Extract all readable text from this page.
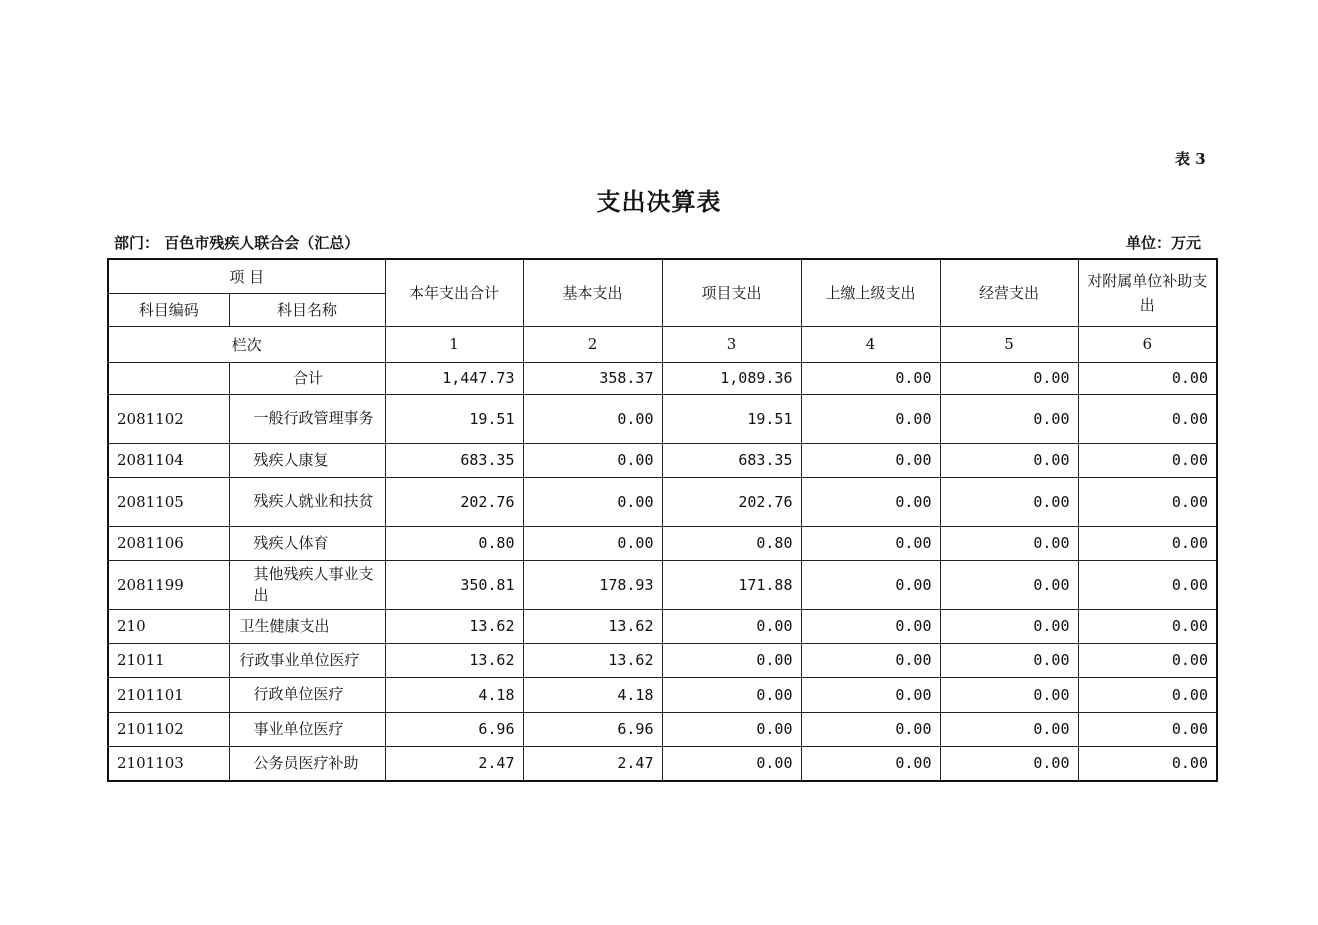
表 3
支出决算表
部门： 百色市残疾人联合会（汇总）	单位：万元
项 目		本年支出合计	基本支出	项目支出	上缴上级支出	经营支出	对附属单位补助支出
科目编码	科目名称						
栏次		1	2	3	4	5	6
	合计	1,447.73	358.37	1,089.36	0.00	0.00	0.00
2081102	一般行政管理事务	19.51	0.00	19.51	0.00	0.00	0.00
2081104	残疾人康复	683.35	0.00	683.35	0.00	0.00	0.00
2081105	残疾人就业和扶贫	202.76	0.00	202.76	0.00	0.00	0.00
2081106	残疾人体育	0.80	0.00	0.80	0.00	0.00	0.00
2081199	其他残疾人事业支出	350.81	178.93	171.88	0.00	0.00	0.00
210	卫生健康支出	13.62	13.62	0.00	0.00	0.00	0.00
21011	行政事业单位医疗	13.62	13.62	0.00	0.00	0.00	0.00
2101101	行政单位医疗	4.18	4.18	0.00	0.00	0.00	0.00
2101102	事业单位医疗	6.96	6.96	0.00	0.00	0.00	0.00
2101103	公务员医疗补助	2.47	2.47	0.00	0.00	0.00	0.00
